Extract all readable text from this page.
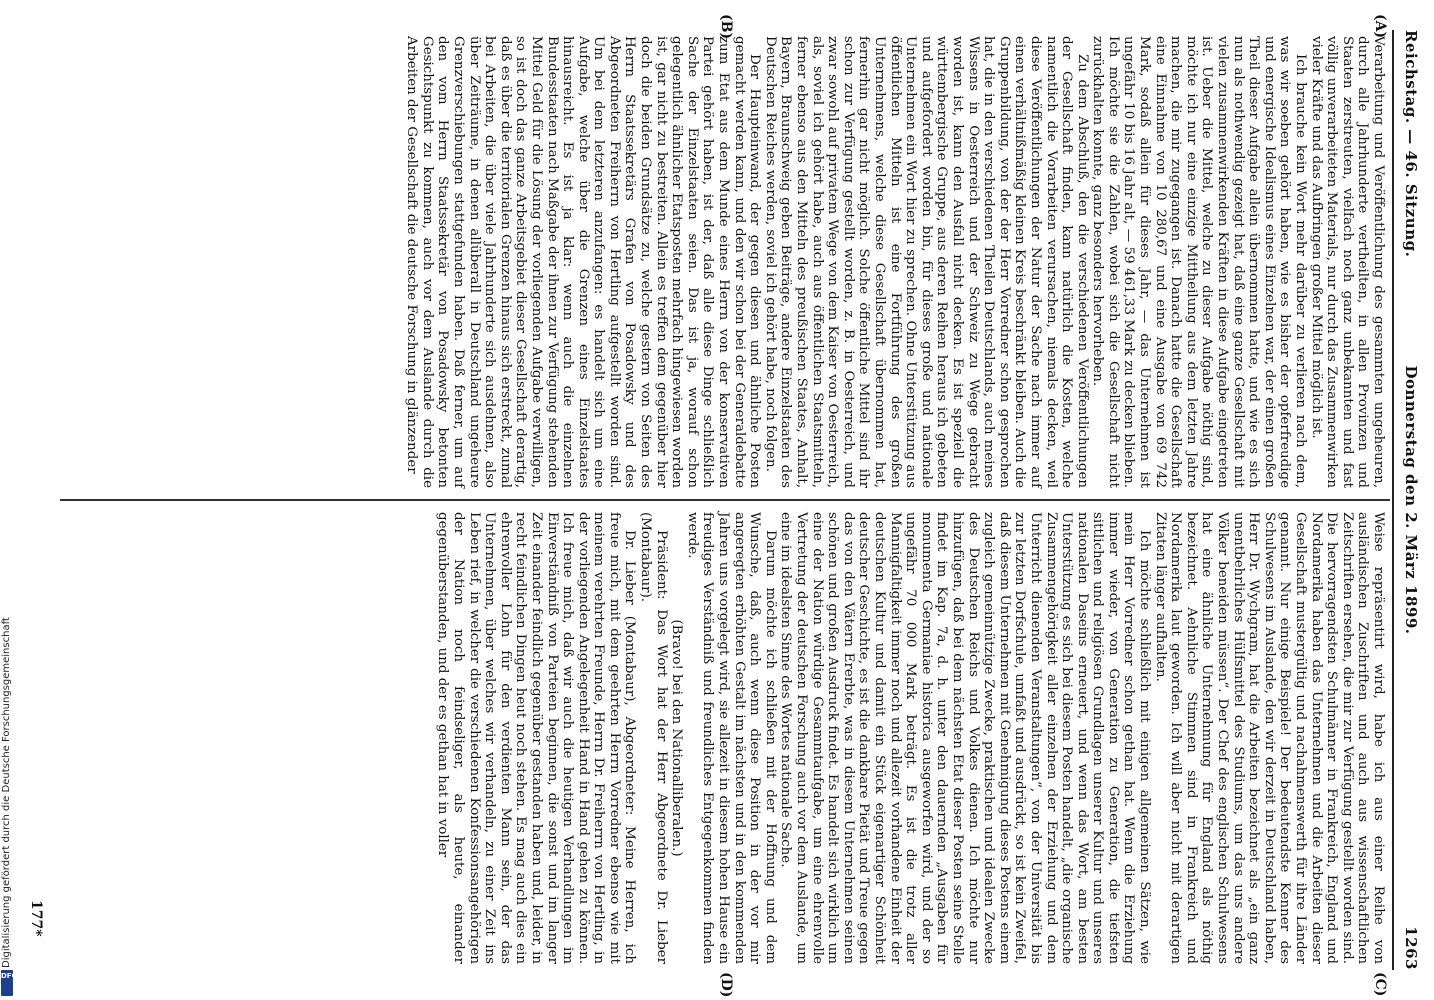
Reichstag. — 46. Sitzung.
Donnerstag den 2. März 1899.
1263
(A)
(B)
(C)
(D)

Verarbeitung und Veröffentlichung des gesammten ungeheuren, durch alle Jahrhunderte vertheilten, in allen Provinzen und Staaten zerstreuten, vielfach noch ganz unbekannten und fast völlig unverarbeiteten Materials, nur durch das Zusammenwirken vieler Kräfte und das Aufbringen großer Mittel möglich ist.

Ich brauche kein Wort mehr darüber zu verlieren nach dem, was wir soeben gehört haben, wie es bisher der opferfreudige und energische Idealismus eines Einzelnen war, der einen großen Theil dieser Aufgabe allein übernommen hatte, und wie es sich nun als nothwendig gezeigt hat, daß eine ganze Gesellschaft mit vielen zusammenwirkenden Kräften in diese Aufgabe eingetreten ist. Ueber die Mittel, welche zu dieser Aufgabe nöthig sind, möchte ich nur eine einzige Mittheilung aus dem letzten Jahre machen, die mir zugegangen ist. Danach hatte die Gesellschaft eine Einnahme von 10 280,67 und eine Ausgabe von 69 742 Mark, sodaß allein für dieses Jahr, — das Unternehmen ist ungefähr 10 bis 16 Jahr alt, — 59 461,33 Mark zu decken blieben. Ich möchte sie die Zahlen, wobei sich die Gesellschaft nicht zurückhalten konnte, ganz besonders hervorheben.

Zu dem Abschluß, den die verschiedenen Veröffentlichungen der Gesellschaft finden, kann natürlich die Kosten, welche namentlich die Vorarbeiten verursachen, niemals decken, weil diese Veröffentlichungen der Natur der Sache nach immer auf einen verhältnißmäßig kleinen Kreis beschränkt bleiben. Auch die Gruppenbildung, von der der Herr Vorredner schon gesprochen hat, die in den verschiedenen Theilen Deutschlands, auch meines Wissens in Oesterreich und der Schweiz zu Wege gebracht worden ist, kann den Ausfall nicht decken. Es ist speziell die württembergische Gruppe, aus deren Reihen heraus ich gebeten und aufgefordert worden bin, für dieses große und nationale Unternehmen ein Wort hier zu sprechen. Ohne Unterstützung aus öffentlichen Mitteln ist eine Fortführung des großen Unternehmens, welche diese Gesellschaft übernommen hat, fernerhin gar nicht möglich. Solche öffentliche Mittel sind ihr schon zur Verfügung gestellt worden, z. B. in Oesterreich, und zwar sowohl auf privatem Wege von dem Kaiser von Oesterreich, als, soviel ich gehört habe, auch aus öffentlichen Staatsmitteln, ferner ebenso aus den Mitteln des preußischen Staates, Anhalt, Bayern, Braunschweig geben Beiträge, andere Einzelstaaten des Deutschen Reiches werden, soviel ich gehört habe, noch folgen.

Der Haupteinwand, der gegen diesen und ähnliche Posten gemacht werden kann, und den wir schon bei der Generaldebatte zum Etat aus dem Munde eines Herrn von der konservativen Partei gehört haben, ist der, daß alle diese Dinge schließlich Sache der Einzelstaaten seien. Das ist ja, worauf schon gelegentlich ähnlicher Etatsposten mehrfach hingewiesen worden ist, gar nicht zu bestreiten. Allein es treffen dem gegenüber hier doch die beiden Grundsätze zu, welche gestern von Seiten des Herrn Staatssekretärs Grafen von Posadowsky und des Abgeordneten Freiherrn von Hertling aufgestellt worden sind. Um bei dem letzteren anzufangen: es handelt sich um eine Aufgabe, welche über die Grenzen eines Einzelstaates hinausreicht. Es ist ja klar: wenn auch die einzelnen Bundesstaaten nach Maßgabe der ihnen zur Verfügung stehenden Mittel Geld für die Lösung der vorliegenden Aufgabe verwilligen, so ist doch das ganze Arbeitsgebiet dieser Gesellschaft derartig, daß es über die territorialen Grenzen hinaus sich erstreckt, zumal bei Arbeiten, die über viele Jahrhunderte sich ausdehnen, also über Zeiträume, in denen allüberall in Deutschland ungeheure Grenzverschiebungen stattgefunden haben. Daß ferner, um auf den vom Herrn Staatssekretär von Posadowsky betonten Gesichtspunkt zu kommen, auch vor dem Auslande durch die Arbeiten der Gesellschaft die deutsche Forschung in glänzender

Weise repräsentirt wird, habe ich aus einer Reihe von ausländischen Zuschriften und auch aus wissenschaftlichen Zeitschriften ersehen, die mir zur Verfügung gestellt worden sind. Die hervorragendsten Schulmänner in Frankreich, England und Nordamerika haben das Unternehmen und die Arbeiten dieser Gesellschaft mustergültig und nachahmenswerth für ihre Länder genannt. Nur einige Beispiele! Der bedeutendste Kenner des Schulwesens im Auslande, den wir derzeit in Deutschland haben, Herr Dr. Wychgram, hat die Arbeiten bezeichnet als „ein ganz unentbehrliches Hülfsmittel des Studiums, um das uns andere Völker beneiden müssen“. Der Chef des englischen Schulwesens hat eine ähnliche Unternehmung für England als nöthig bezeichnet. Aehnliche Stimmen sind in Frankreich und Nordamerika laut geworden. Ich will aber nicht mit derartigen Zitaten länger aufhalten.

Ich möchte schließlich mit einigen allgemeinen Sätzen, wie mein Herr Vorredner schon gethan hat. Wenn die Erziehung immer wieder, von Generation zu Generation, die tiefsten sittlichen und religiösen Grundlagen unserer Kultur und unseres nationalen Daseins erneuert, und wenn das Wort, am besten Unterstützung es sich bei diesem Posten handelt, „die organische Zusammengehörigkeit aller einzelnen der Erziehung und dem Unterricht dienenden Veranstaltungen“, von der Universität bis zur letzten Dorfschule, umfaßt und ausdrückt, so ist kein Zweifel, daß diesem Unternehmen mit Genehmigung dieses Postens einem zugleich gemeinnützige Zwecke, praktischen und idealen Zwecke des Deutschen Reichs und Volkes dienen. Ich möchte nur hinzufügen, daß bei dem nächsten Etat dieser Posten seine Stelle findet im Kap. 7a, d. h. unter den dauernden „Ausgaben für monumenta Germaniae historica ausgeworfen wird, und der so ungefähr 70 000 Mark beträgt. Es ist die trotz aller Mannigfaltigkeit immer noch und allezeit vorhandene Einheit der deutschen Kultur und damit ein Stück eigenartiger Schönheit deutscher Geschichte, es ist die dankbare Pietät und Treue gegen das von den Vätern Ererbte, was in diesem Unternehmen seinen schönen und großen Ausdruck findet. Es handelt sich wirklich um eine der Nation würdige Gesammtaufgabe, um eine ehrenvolle Vertretung der deutschen Forschung auch vor dem Auslande, um eine im idealsten Sinne des Wortes nationale Sache.

Darum möchte ich schließen mit der Hoffnung und dem Wunsche, daß, auch wenn diese Position in der vor mir angeregten erhöhten Gestalt im nächsten und in den kommenden Jahren uns vorgelegt wird, sie allezeit in diesem hohen Hause ein freudiges Verständniß und freundliches Entgegenkommen finden werde.

(Bravo! bei den Nationalliberalen.)

Präsident: Das Wort hat der Herr Abgeordnete Dr. Lieber (Montabaur).

Dr. Lieber (Montabaur), Abgeordneter: Meine Herren, ich freue mich, mit dem geehrten Herrn Vorredner ebenso wie mit meinem verehrten Freunde, Herrn Dr. Freiherrn von Hertling, in der vorliegenden Angelegenheit Hand in Hand gehen zu können. Ich freue mich, daß wir auch die heutigen Verhandlungen im Einverständniß von Parteien beginnen, die sonst und im langer Zeit einander feindlich gegenüber gestanden haben und, leider, in recht feindlichen Dingen heut noch stehen. Es mag auch dies ein ehrenvoller Lohn für den verdienten Mann sein, der das Unternehmen, über welches wir verhandeln, zu einer Zeit ins Leben rief, in welcher die verschiedenen Konfessionsangehörigen der Nation noch feindseliger, als heute, einander gegenüberstanden, und der es gethan hat in voller

177*
Digitalisierung gefördert durch die Deutsche Forschungsgemeinschaft
DFG
